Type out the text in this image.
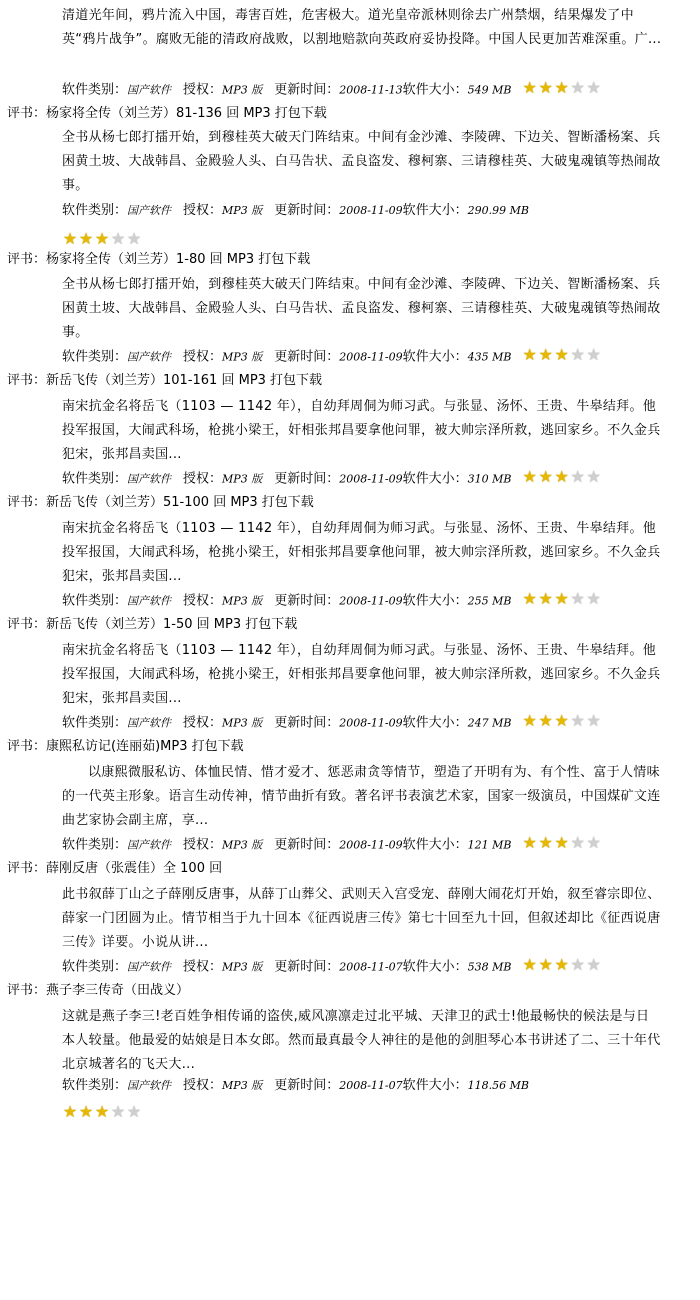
清道光年间，鸦片流入中国，毒害百姓，危害极大。道光皇帝派林则徐去广州禁烟，结果爆发了中英“鸦片战争”。腐败无能的清政府战败，以割地赔款向英政府妥协投降。中国人民更加苦难深重。广...
软件类别：国产软件 授权：MP3 版 更新时间：2008-11-13软件大小：549 MB ★ ★ ★ ★ ★
评书：杨家将全传（刘兰芳）81-136 回 MP3 打包下载
全书从杨七郎打擂开始，到穆桂英大破天门阵结束。中间有金沙滩、李陵碑、下边关、智断潘杨案、兵困黄土坡、大战韩昌、金殿验人头、白马告状、孟良盗发、穆柯寨、三请穆桂英、大破鬼魂镇等热闹故事。
软件类别：国产软件 授权：MP3 版 更新时间：2008-11-09软件大小：290.99 MB
★ ★ ★ ★ ★
评书：杨家将全传（刘兰芳）1-80 回 MP3 打包下载
全书从杨七郎打擂开始，到穆桂英大破天门阵结束。中间有金沙滩、李陵碑、下边关、智断潘杨案、兵困黄土坡、大战韩昌、金殿验人头、白马告状、孟良盗发、穆柯寨、三请穆桂英、大破鬼魂镇等热闹故事。
软件类别：国产软件 授权：MP3 版 更新时间：2008-11-09软件大小：435 MB ★ ★ ★ ★ ★
评书：新岳飞传（刘兰芳）101-161 回 MP3 打包下载
南宋抗金名将岳飞（1103 — 1142 年），自幼拜周侗为师习武。与张显、汤怀、王贵、牛皋结拜。他投军报国，大闹武科场，枪挑小梁王，奸相张邦昌要拿他问罪，被大帅宗泽所救，逃回家乡。不久金兵犯宋，张邦昌卖国...
软件类别：国产软件 授权：MP3 版 更新时间：2008-11-09软件大小：310 MB ★ ★ ★ ★ ★
评书：新岳飞传（刘兰芳）51-100 回 MP3 打包下载
南宋抗金名将岳飞（1103 — 1142 年），自幼拜周侗为师习武。与张显、汤怀、王贵、牛皋结拜。他投军报国，大闹武科场，枪挑小梁王，奸相张邦昌要拿他问罪，被大帅宗泽所救，逃回家乡。不久金兵犯宋，张邦昌卖国...
软件类别：国产软件 授权：MP3 版 更新时间：2008-11-09软件大小：255 MB ★ ★ ★ ★ ★
评书：新岳飞传（刘兰芳）1-50 回 MP3 打包下载
南宋抗金名将岳飞（1103 — 1142 年），自幼拜周侗为师习武。与张显、汤怀、王贵、牛皋结拜。他投军报国，大闹武科场，枪挑小梁王，奸相张邦昌要拿他问罪，被大帅宗泽所救，逃回家乡。不久金兵犯宋，张邦昌卖国...
软件类别：国产软件 授权：MP3 版 更新时间：2008-11-09软件大小：247 MB ★ ★ ★ ★ ★
评书：康熙私访记(连丽茹)MP3 打包下载
以康熙微服私访、体恤民情、惜才爱才、惩恶肃贪等情节，塑造了开明有为、有个性、富于人情味的一代英主形象。语言生动传神，情节曲折有致。著名评书表演艺术家，国家一级演员，中国煤矿文连曲艺家协会副主席，享...
软件类别：国产软件 授权：MP3 版 更新时间：2008-11-09软件大小：121 MB ★ ★ ★ ★ ★
评书：薛刚反唐（张震佳）全 100 回
此书叙薛丁山之子薛刚反唐事，从薛丁山葬父、武则天入宫受宠、薛刚大闹花灯开始，叙至睿宗即位、薛家一门团圆为止。情节相当于九十回本《征西说唐三传》第七十回至九十回，但叙述却比《征西说唐三传》详要。小说从讲...
软件类别：国产软件 授权：MP3 版 更新时间：2008-11-07软件大小：538 MB ★ ★ ★ ★ ★
评书：燕子李三传奇（田战义）
这就是燕子李三!老百姓争相传诵的盗侠,威风凛凛走过北平城、天津卫的武士!他最畅快的候法是与日本人较量。他最爱的姑娘是日本女郎。然而最真最令人神往的是他的剑胆琴心本书讲述了二、三十年代北京城著名的飞天大...
软件类别：国产软件 授权：MP3 版 更新时间：2008-11-07软件大小：118.56 MB
★ ★ ★ ★ ★
